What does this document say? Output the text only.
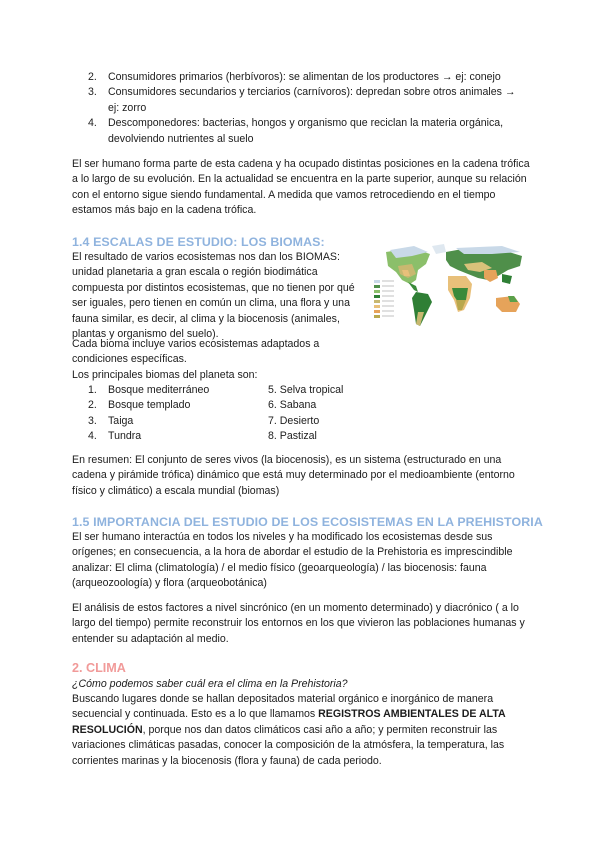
2.	Consumidores primarios (herbívoros): se alimentan de los productores → ej: conejo
3.	Consumidores secundarios y terciarios (carnívoros): depredan sobre otros animales → ej: zorro
4.	Descomponedores: bacterias, hongos y organismo que reciclan la materia orgánica, devolviendo nutrientes al suelo

El ser humano forma parte de esta cadena y ha ocupado distintas posiciones en la cadena trófica a lo largo de su evolución. En la actualidad se encuentra en la parte superior, aunque su relación con el entorno sigue siendo fundamental. A medida que vamos retrocediendo en el tiempo estamos más bajo en la cadena trófica.

1.4 ESCALAS DE ESTUDIO: LOS BIOMAS:

El resultado de varios ecosistemas nos dan los BIOMAS: unidad planetaria a gran escala o región biodimática compuesta por distintos ecosistemas, que no tienen por qué ser iguales, pero tienen en común un clima, una flora y una fauna similar, es decir, al clima y la biocenosis (animales, plantas y organismo del suelo).

Cada bioma incluye varios ecosistemas adaptados a condiciones específicas.

Los principales biomas del planeta son:

1.	Bosque mediterráneo	5. Selva tropical
2.	Bosque templado	6. Sabana
3.	Taiga	7. Desierto
4.	Tundra	8. Pastizal

En resumen: El conjunto de seres vivos (la biocenosis), es un sistema (estructurado en una cadena y pirámide trófica) dinámico que está muy determinado por el medioambiente (entorno físico y climático) a escala mundial (biomas)

1.5 IMPORTANCIA DEL ESTUDIO DE LOS ECOSISTEMAS EN LA PREHISTORIA

El ser humano interactúa en todos los niveles y ha modificado los ecosistemas desde sus orígenes; en consecuencia, a la hora de abordar el estudio de la Prehistoria es imprescindible analizar: El clima (climatología) / el medio físico (geoarqueología) / las biocenosis: fauna (arqueozoología) y flora (arqueobotánica)

El análisis de estos factores a nivel sincrónico (en un momento determinado) y diacrónico ( a lo largo del tiempo) permite reconstruir los entornos en los que vivieron las poblaciones humanas y entender su adaptación al medio.

2. CLIMA

¿Cómo podemos saber cuál era el clima en la Prehistoria?

Buscando lugares donde se hallan depositados material orgánico e inorgánico de manera secuencial y continuada. Esto es a lo que llamamos REGISTROS AMBIENTALES DE ALTA RESOLUCIÓN, porque nos dan datos climáticos casi año a año; y permiten reconstruir las variaciones climáticas pasadas, conocer la composición de la atmósfera, la temperatura, las corrientes marinas y la biocenosis (flora y fauna) de cada periodo.
